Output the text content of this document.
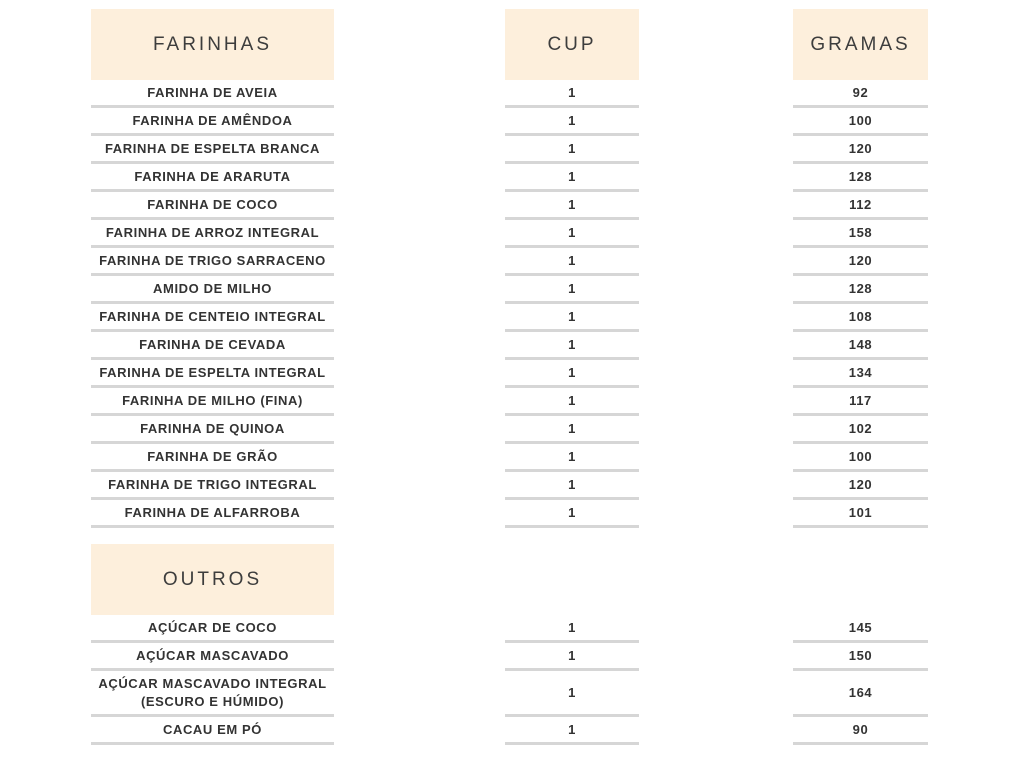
FARINHAS
FARINHA DE AVEIA
FARINHA DE AMÊNDOA
FARINHA DE ESPELTA BRANCA
FARINHA DE ARARUTA
FARINHA DE COCO
FARINHA DE ARROZ INTEGRAL
FARINHA DE TRIGO SARRACENO
AMIDO DE MILHO
FARINHA DE CENTEIO INTEGRAL
FARINHA DE CEVADA
FARINHA DE ESPELTA INTEGRAL
FARINHA DE MILHO (FINA)
FARINHA DE QUINOA
FARINHA DE GRÃO
FARINHA DE TRIGO INTEGRAL
FARINHA DE ALFARROBA
OUTROS
AÇÚCAR DE COCO
AÇÚCAR MASCAVADO
AÇÚCAR MASCAVADO INTEGRAL (ESCURO E HÚMIDO)
CACAU EM PÓ
CUP
1
1
1
1
1
1
1
1
1
1
1
1
1
1
1
1
1
1
1
1
GRAMAS
92
100
120
128
112
158
120
128
108
148
134
117
102
100
120
101
145
150
164
90
